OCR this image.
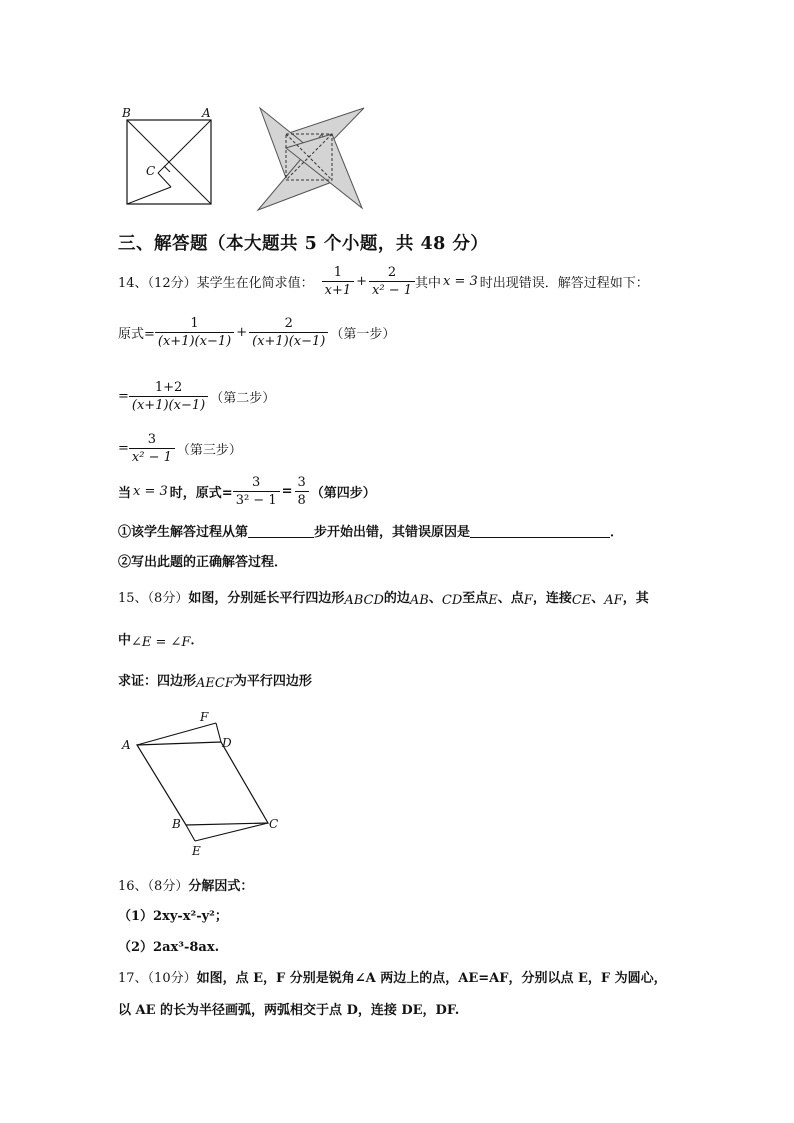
B	A
C
三、解答题（本大题共 5 个小题，共 48 分）
14、（12分） 某学生在化简求值： $\frac{1}{x+1} + \frac{2}{\text{x² − 1}}$ 其中 x = 3 时出现错误．解答过程如下：
原式= $\frac{1}{(x+1)(x-1)} + \frac{2}{(x+1)(x-1)}$ （第一步）
= $\frac{1+2}{(x+1)(x-1)}$ （第二步）
= $\frac{3}{\text{x² − 1}}$ （第三步）
当 x = 3 时，原式= $\frac{3}{\text{3² − 1}} = \frac{3}{8}$ （第四步）
①该学生解答过程从第	步开始出错，其错误原因是	．
②写出此题的正确解答过程．
15、（8分） 如图，分别延长平行四边形 ABCD 的边 AB 、 CD 至点 E 、点 F ，连接 CE 、 AF ，其
中 ∠E = ∠F ．
求证：四边形 AECF 为平行四边形
A
F
D
B	C
E
16、（8分） 分解因式：
（1）2xy-x²-y²；
（2）2ax³-8ax.
17、（10分） 如图，点 E，F 分别是锐角∠A 两边上的点，AE=AF，分别以点 E，F 为圆心，
以 AE 的长为半径画弧，两弧相交于点 D，连接 DE，DF.
